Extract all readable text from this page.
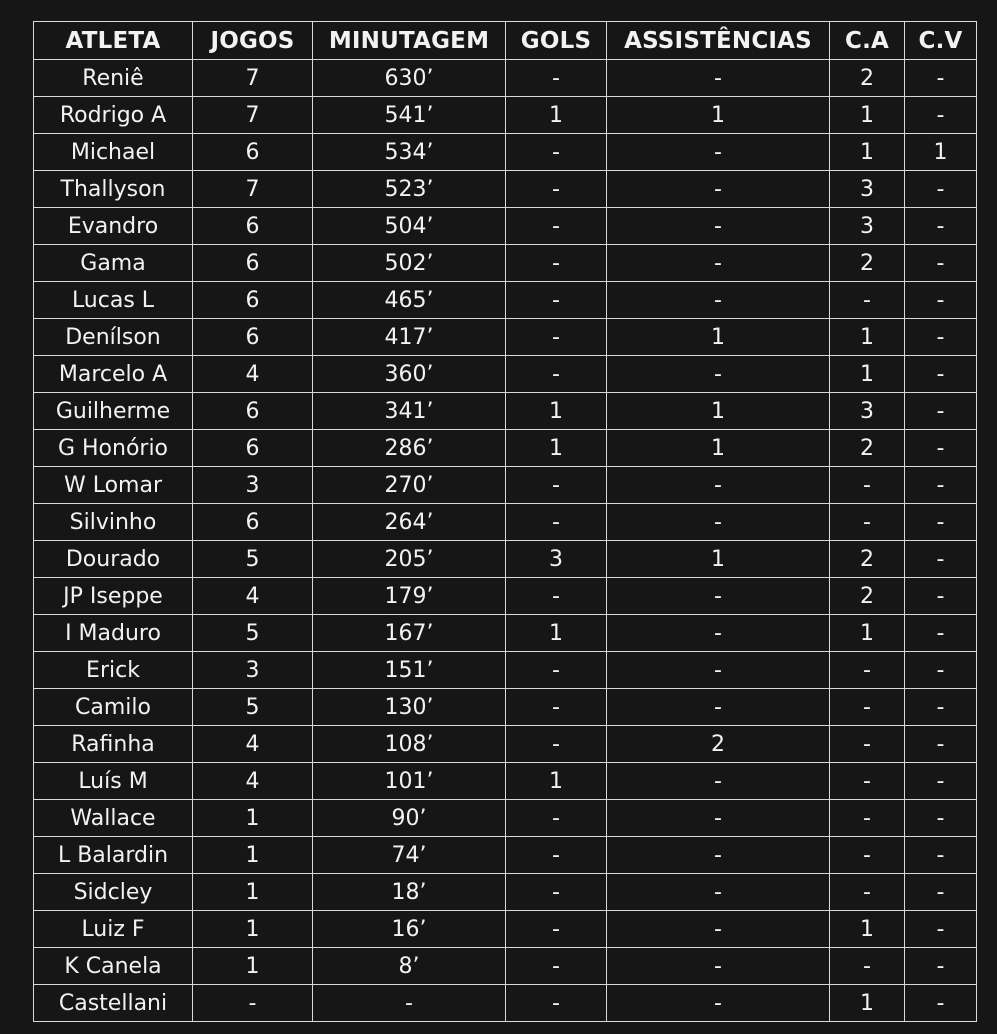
ATLETA	JOGOS	MINUTAGEM	GOLS	ASSISTÊNCIAS	C.A	C.V
Reniê	7	630’	-	-	2	-
Rodrigo A	7	541’	1	1	1	-
Michael	6	534’	-	-	1	1
Thallyson	7	523’	-	-	3	-
Evandro	6	504’	-	-	3	-
Gama	6	502’	-	-	2	-
Lucas L	6	465’	-	-	-	-
Denílson	6	417’	-	1	1	-
Marcelo A	4	360’	-	-	1	-
Guilherme	6	341’	1	1	3	-
G Honório	6	286’	1	1	2	-
W Lomar	3	270’	-	-	-	-
Silvinho	6	264’	-	-	-	-
Dourado	5	205’	3	1	2	-
JP Iseppe	4	179’	-	-	2	-
I Maduro	5	167’	1	-	1	-
Erick	3	151’	-	-	-	-
Camilo	5	130’	-	-	-	-
Rafinha	4	108’	-	2	-	-
Luís M	4	101’	1	-	-	-
Wallace	1	90’	-	-	-	-
L Balardin	1	74’	-	-	-	-
Sidcley	1	18’	-	-	-	-
Luiz F	1	16’	-	-	1	-
K Canela	1	8’	-	-	-	-
Castellani	-	-	-	-	1	-
